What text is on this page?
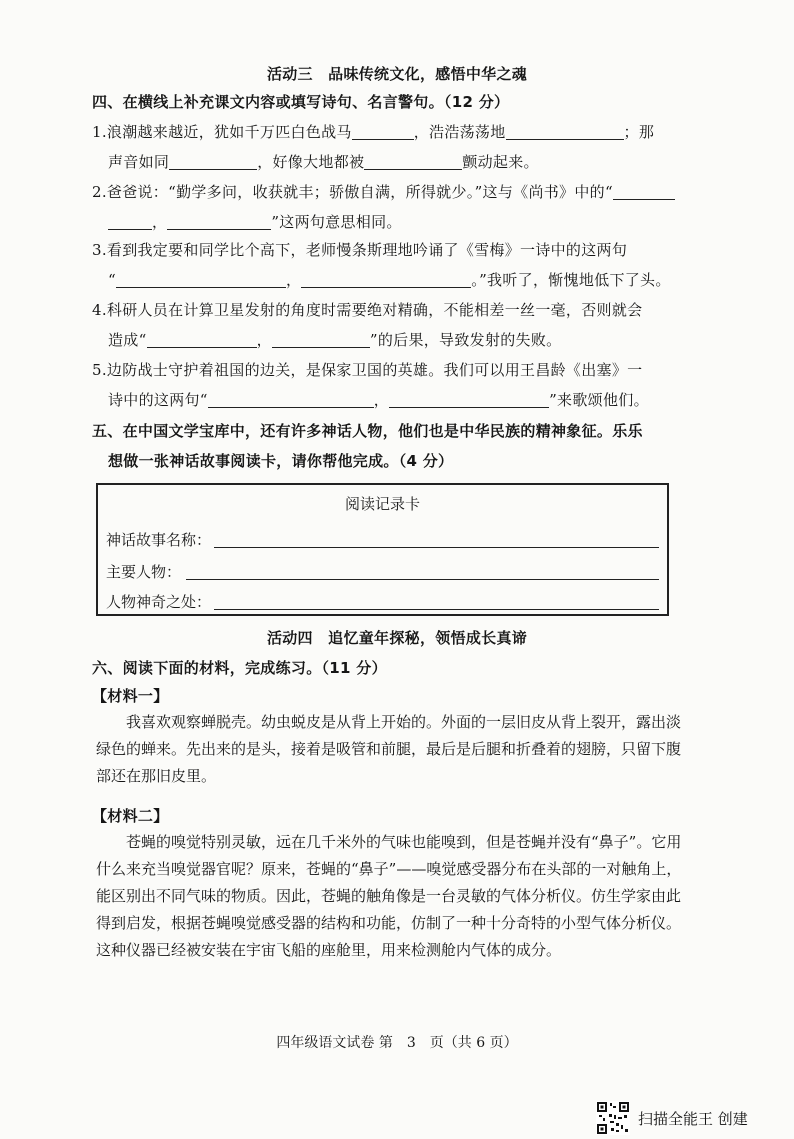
活动三　品味传统文化，感悟中华之魂
四、在横线上补充课文内容或填写诗句、名言警句。（12 分）
1.浪潮越来越近，犹如千万匹白色战马	，浩浩荡荡地	；那
声音如同	，好像大地都被	颤动起来。
2.爸爸说：“勤学多问，收获就丰；骄傲自满，所得就少。”这与《尚书》中的“
，	”这两句意思相同。
3.看到我定要和同学比个高下，老师慢条斯理地吟诵了《雪梅》一诗中的这两句
“	，	。”我听了，惭愧地低下了头。
4.科研人员在计算卫星发射的角度时需要绝对精确，不能相差一丝一毫，否则就会
造成“	，	”的后果，导致发射的失败。
5.边防战士守护着祖国的边关，是保家卫国的英雄。我们可以用王昌龄《出塞》一
诗中的这两句“	，	”来歌颂他们。
五、在中国文学宝库中，还有许多神话人物，他们也是中华民族的精神象征。乐乐
想做一张神话故事阅读卡，请你帮他完成。（4 分）
阅读记录卡
神话故事名称：
主要人物：
人物神奇之处：
活动四　追忆童年探秘，领悟成长真谛
六、阅读下面的材料，完成练习。（11 分）
【材料一】
我喜欢观察蝉脱壳。幼虫蜕皮是从背上开始的。外面的一层旧皮从背上裂开，露出淡绿色的蝉来。先出来的是头，接着是吸管和前腿，最后是后腿和折叠着的翅膀，只留下腹部还在那旧皮里。
【材料二】
苍蝇的嗅觉特别灵敏，远在几千米外的气味也能嗅到，但是苍蝇并没有“鼻子”。它用什么来充当嗅觉器官呢？原来，苍蝇的“鼻子”——嗅觉感受器分布在头部的一对触角上，能区别出不同气味的物质。因此，苍蝇的触角像是一台灵敏的气体分析仪。仿生学家由此得到启发，根据苍蝇嗅觉感受器的结构和功能，仿制了一种十分奇特的小型气体分析仪。这种仪器已经被安装在宇宙飞船的座舱里，用来检测舱内气体的成分。
四年级语文试卷 第　3　页（共 6 页）
扫描全能王 创建
